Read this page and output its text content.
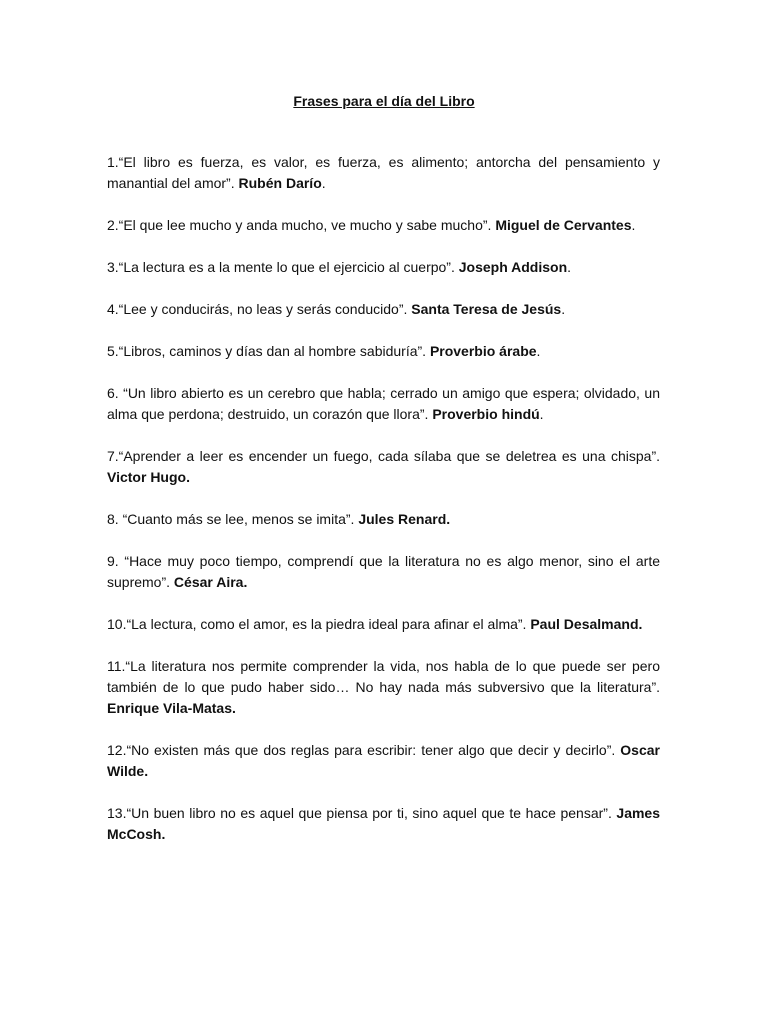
Frases para el día del Libro

1.“El libro es fuerza, es valor, es fuerza, es alimento; antorcha del pensamiento y manantial del amor”. Rubén Darío.

2.“El que lee mucho y anda mucho, ve mucho y sabe mucho”. Miguel de Cervantes.

3.“La lectura es a la mente lo que el ejercicio al cuerpo”. Joseph Addison.

4.“Lee y conducirás, no leas y serás conducido”. Santa Teresa de Jesús.

5.“Libros, caminos y días dan al hombre sabiduría”. Proverbio árabe.

6. “Un libro abierto es un cerebro que habla; cerrado un amigo que espera; olvidado, un alma que perdona; destruido, un corazón que llora”. Proverbio hindú.

7.“Aprender a leer es encender un fuego, cada sílaba que se deletrea es una chispa”. Victor Hugo.

8. “Cuanto más se lee, menos se imita”. Jules Renard.

9. “Hace muy poco tiempo, comprendí que la literatura no es algo menor, sino el arte supremo”. César Aira.

10.“La lectura, como el amor, es la piedra ideal para afinar el alma”. Paul Desalmand.

11.“La literatura nos permite comprender la vida, nos habla de lo que puede ser pero también de lo que pudo haber sido… No hay nada más subversivo que la literatura”. Enrique Vila-Matas.

12.“No existen más que dos reglas para escribir: tener algo que decir y decirlo”. Oscar Wilde.

13.“Un buen libro no es aquel que piensa por ti, sino aquel que te hace pensar”. James McCosh.
